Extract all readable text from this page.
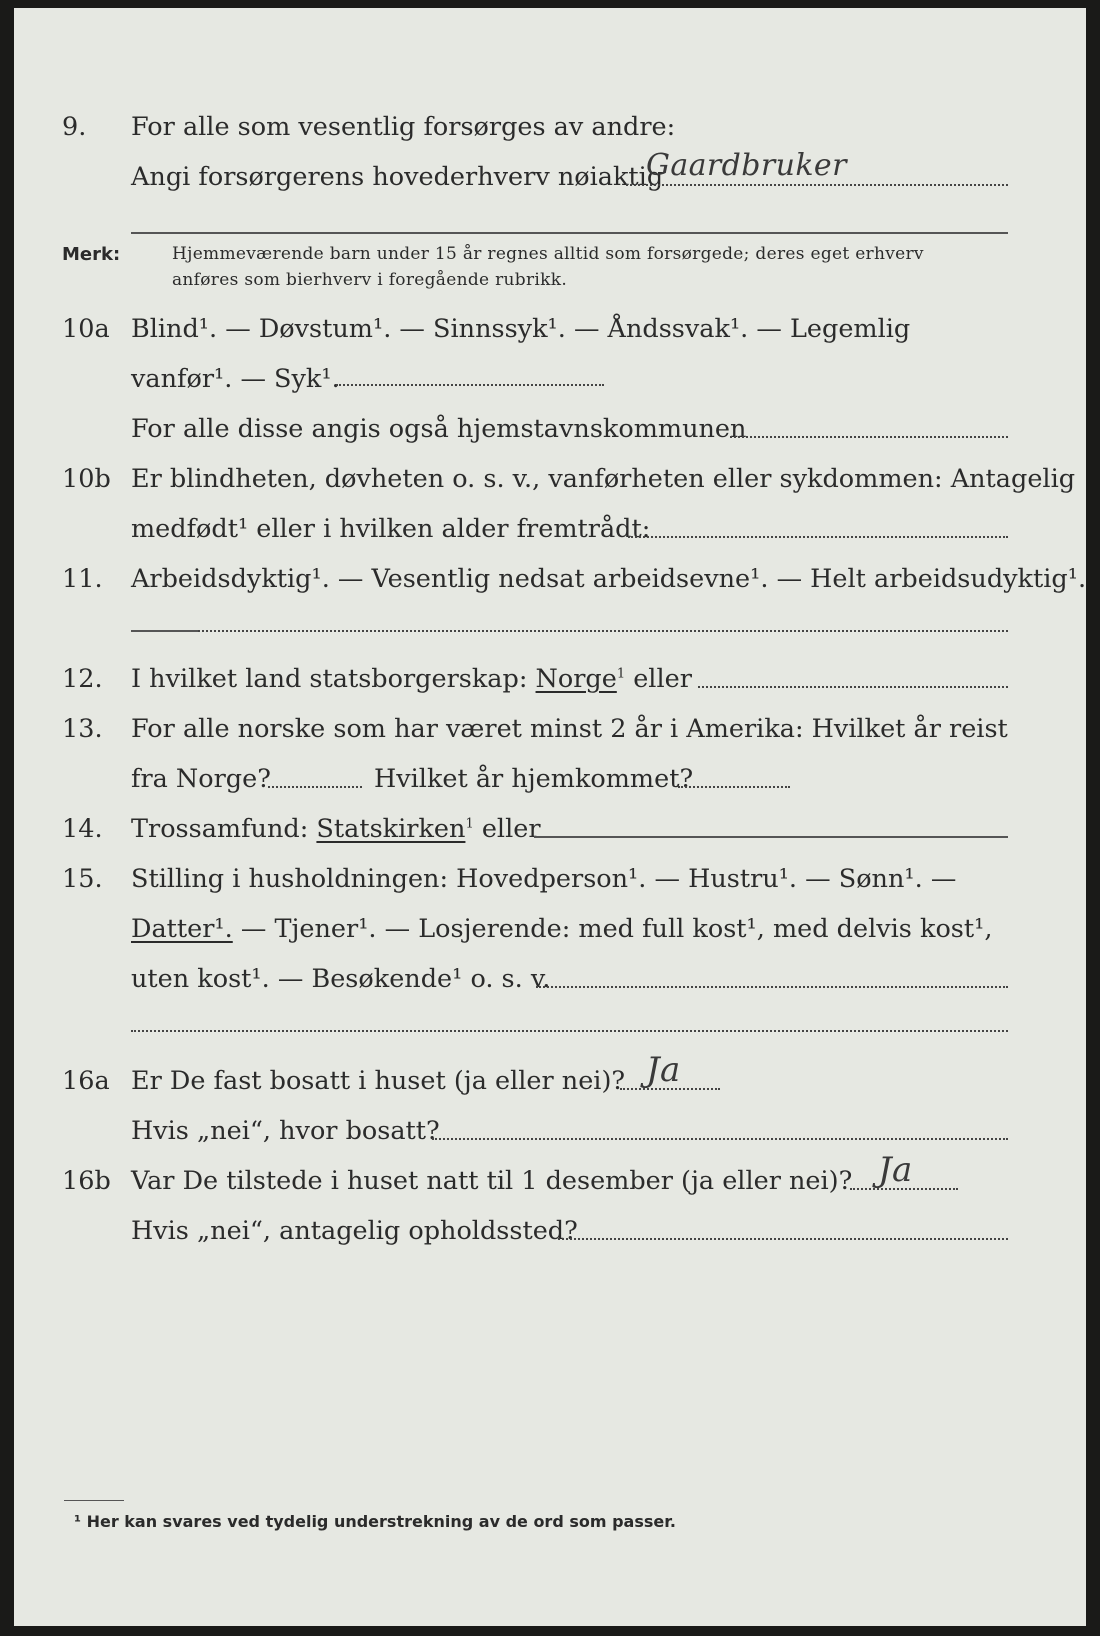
9. For alle som vesentlig forsørges av andre:
Angi forsørgerens hovederhverv nøiaktig
Gaardbruker
Merk:	Hjemmeværende barn under 15 år regnes alltid som forsørgede; deres eget erhverv
anføres som bierhverv i foregående rubrikk.
10a Blind¹. — Døvstum¹. — Sinnssyk¹. — Åndssvak¹. — Legemlig
vanfør¹. — Syk¹.
For alle disse angis også hjemstavnskommunen
10b Er blindheten, døvheten o. s. v., vanførheten eller sykdommen: Antagelig
medfødt¹ eller i hvilken alder fremtrådt:
11. Arbeidsdyktig¹. — Vesentlig nedsat arbeidsevne¹. — Helt arbeidsudyktig¹.
12. I hvilket land statsborgerskap: Norge$^1$ eller
13. For alle norske som har været minst 2 år i Amerika: Hvilket år reist
fra Norge?	Hvilket år hjemkommet?
14. Trossamfund: Statskirken$^1$ eller
15. Stilling i husholdningen: Hovedperson¹. — Hustru¹. — Sønn¹. —
Datter¹. — Tjener¹. — Losjerende: med full kost¹, med delvis kost¹,
uten kost¹. — Besøkende¹ o. s. v.
16a Er De fast bosatt i huset (ja eller nei)? Ja
Hvis „nei“, hvor bosatt?
16b Var De tilstede i huset natt til 1 desember (ja eller nei)? Ja
Hvis „nei“, antagelig opholdssted?
¹ Her kan svares ved tydelig understrekning av de ord som passer.
